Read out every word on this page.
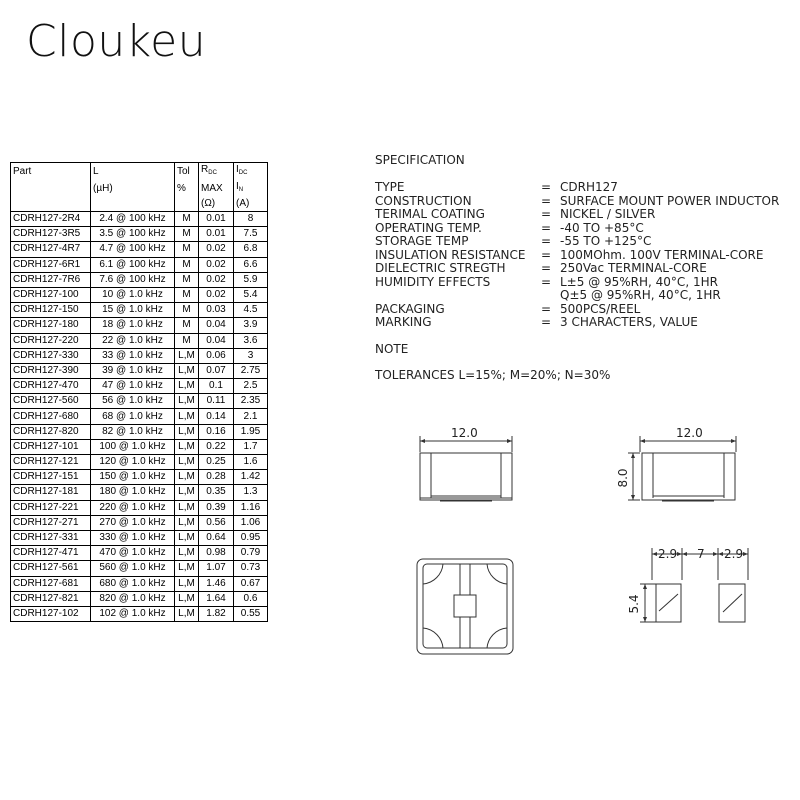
Cloukeu
Part	L	Tol	$R_{DC}$	$I_{DC}$
	(µH)	%	MAX	$I_N$
			(Ω)	(A)
CDRH127-2R4	2.4 @ 100 kHz	M	0.01	8
CDRH127-3R5	3.5 @ 100 kHz	M	0.01	7.5
CDRH127-4R7	4.7 @ 100 kHz	M	0.02	6.8
CDRH127-6R1	6.1 @ 100 kHz	M	0.02	6.6
CDRH127-7R6	7.6 @ 100 kHz	M	0.02	5.9
CDRH127-100	10 @ 1.0 kHz	M	0.02	5.4
CDRH127-150	15 @ 1.0 kHz	M	0.03	4.5
CDRH127-180	18 @ 1.0 kHz	M	0.04	3.9
CDRH127-220	22 @ 1.0 kHz	M	0.04	3.6
CDRH127-330	33 @ 1.0 kHz	L,M	0.06	3
CDRH127-390	39 @ 1.0 kHz	L,M	0.07	2.75
CDRH127-470	47 @ 1.0 kHz	L,M	0.1	2.5
CDRH127-560	56 @ 1.0 kHz	L,M	0.11	2.35
CDRH127-680	68 @ 1.0 kHz	L,M	0.14	2.1
CDRH127-820	82 @ 1.0 kHz	L,M	0.16	1.95
CDRH127-101	100 @ 1.0 kHz	L,M	0.22	1.7
CDRH127-121	120 @ 1.0 kHz	L,M	0.25	1.6
CDRH127-151	150 @ 1.0 kHz	L,M	0.28	1.42
CDRH127-181	180 @ 1.0 kHz	L,M	0.35	1.3
CDRH127-221	220 @ 1.0 kHz	L,M	0.39	1.16
CDRH127-271	270 @ 1.0 kHz	L,M	0.56	1.06
CDRH127-331	330 @ 1.0 kHz	L,M	0.64	0.95
CDRH127-471	470 @ 1.0 kHz	L,M	0.98	0.79
CDRH127-561	560 @ 1.0 kHz	L,M	1.07	0.73
CDRH127-681	680 @ 1.0 kHz	L,M	1.46	0.67
CDRH127-821	820 @ 1.0 kHz	L,M	1.64	0.6
CDRH127-102	102 @ 1.0 kHz	L,M	1.82	0.55
SPECIFICATION
TYPE	= CDRH127
CONSTRUCTION	= SURFACE MOUNT POWER INDUCTOR
TERIMAL COATING	= NICKEL / SILVER
OPERATING TEMP.	= -40 TO +85°C
STORAGE TEMP	= -55 TO +125°C
INSULATION RESISTANCE = 100MOhm. 100V TERMINAL-CORE
DIELECTRIC STREGTH	= 250Vac TERMINAL-CORE
HUMIDITY EFFECTS	= L±5 @ 95%RH, 40°C, 1HR
Q±5 @ 95%RH, 40°C, 1HR
PACKAGING	= 500PCS/REEL
MARKING	= 3 CHARACTERS, VALUE
NOTE
TOLERANCES L=15%; M=20%; N=30%
12.0	12.0
8.0
2.9 7 2.9
5.4
